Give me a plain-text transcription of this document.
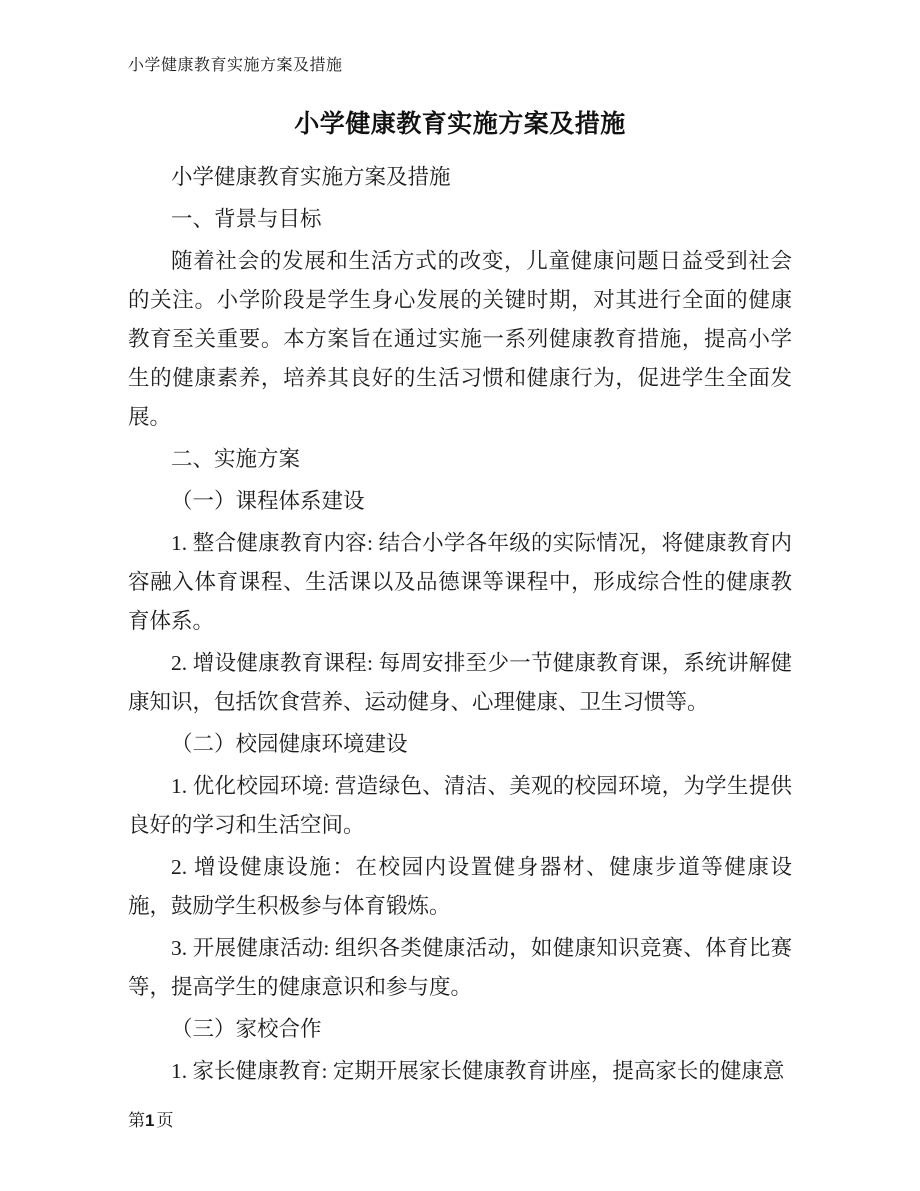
小学健康教育实施方案及措施
小学健康教育实施方案及措施

小学健康教育实施方案及措施

一、背景与目标

随着社会的发展和生活方式的改变，儿童健康问题日益受到社会的关注。小学阶段是学生身心发展的关键时期，对其进行全面的健康教育至关重要。本方案旨在通过实施一系列健康教育措施，提高小学生的健康素养，培养其良好的生活习惯和健康行为，促进学生全面发展。

二、实施方案

（一）课程体系建设

1. 整合健康教育内容: 结合小学各年级的实际情况，将健康教育内容融入体育课程、生活课以及品德课等课程中，形成综合性的健康教育体系。

2. 增设健康教育课程: 每周安排至少一节健康教育课，系统讲解健康知识，包括饮食营养、运动健身、心理健康、卫生习惯等。

（二）校园健康环境建设

1. 优化校园环境: 营造绿色、清洁、美观的校园环境，为学生提供良好的学习和生活空间。

2. 增设健康设施：在校园内设置健身器材、健康步道等健康设施，鼓励学生积极参与体育锻炼。

3. 开展健康活动: 组织各类健康活动，如健康知识竞赛、体育比赛等，提高学生的健康意识和参与度。

（三）家校合作

1. 家长健康教育: 定期开展家长健康教育讲座，提高家长的健康意

第1 页
